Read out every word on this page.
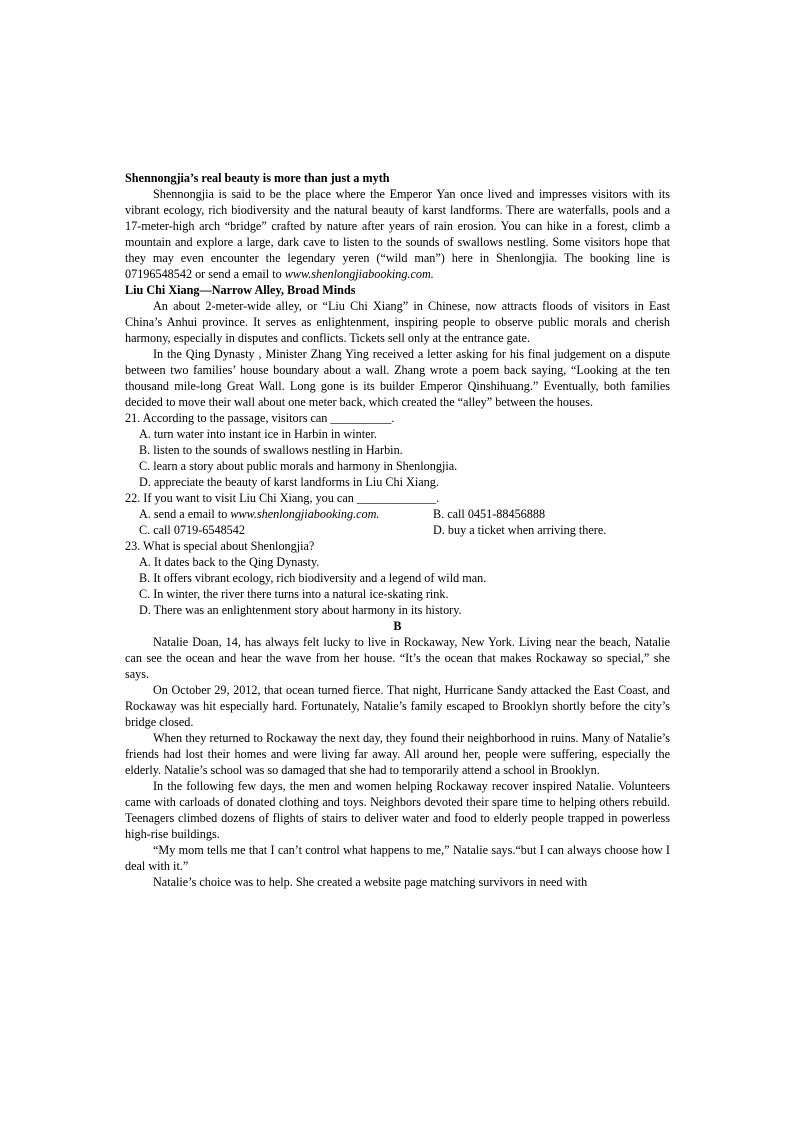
Shennongjia’s real beauty is more than just a myth

Shennongjia is said to be the place where the Emperor Yan once lived and impresses visitors with its vibrant ecology, rich biodiversity and the natural beauty of karst landforms. There are waterfalls, pools and a 17-meter-high arch “bridge” crafted by nature after years of rain erosion. You can hike in a forest, climb a mountain and explore a large, dark cave to listen to the sounds of swallows nestling. Some visitors hope that they may even encounter the legendary yeren (“wild man”) here in Shenlongjia. The booking line is 07196548542 or send a email to www.shenlongjiabooking.com.

Liu Chi Xiang—Narrow Alley, Broad Minds

An about 2-meter-wide alley, or “Liu Chi Xiang” in Chinese, now attracts floods of visitors in East China’s Anhui province. It serves as enlightenment, inspiring people to observe public morals and cherish harmony, especially in disputes and conflicts. Tickets sell only at the entrance gate.

In the Qing Dynasty , Minister Zhang Ying received a letter asking for his final judgement on a dispute between two families’ house boundary about a wall. Zhang wrote a poem back saying, “Looking at the ten thousand mile-long Great Wall. Long gone is its builder Emperor Qinshihuang.” Eventually, both families decided to move their wall about one meter back, which created the “alley” between the houses.

21. According to the passage, visitors can __________.
A. turn water into instant ice in Harbin in winter.
B. listen to the sounds of swallows nestling in Harbin.
C. learn a story about public morals and harmony in Shenlongjia.
D. appreciate the beauty of karst landforms in Liu Chi Xiang.
22. If you want to visit Liu Chi Xiang, you can _____________.
A. send a email to www.shenlongjiabooking.com.	B. call 0451-88456888
C. call 0719-6548542	D. buy a ticket when arriving there.
23. What is special about Shenlongjia?
A. It dates back to the Qing Dynasty.
B. It offers vibrant ecology, rich biodiversity and a legend of wild man.
C. In winter, the river there turns into a natural ice-skating rink.
D. There was an enlightenment story about harmony in its history.
B

Natalie Doan, 14, has always felt lucky to live in Rockaway, New York. Living near the beach, Natalie can see the ocean and hear the wave from her house. “It’s the ocean that makes Rockaway so special,” she says.

On October 29, 2012, that ocean turned fierce. That night, Hurricane Sandy attacked the East Coast, and Rockaway was hit especially hard. Fortunately, Natalie’s family escaped to Brooklyn shortly before the city’s bridge closed.

When they returned to Rockaway the next day, they found their neighborhood in ruins. Many of Natalie’s friends had lost their homes and were living far away. All around her, people were suffering, especially the elderly. Natalie’s school was so damaged that she had to temporarily attend a school in Brooklyn.

In the following few days, the men and women helping Rockaway recover inspired Natalie. Volunteers came with carloads of donated clothing and toys. Neighbors devoted their spare time to helping others rebuild. Teenagers climbed dozens of flights of stairs to deliver water and food to elderly people trapped in powerless high-rise buildings.

“My mom tells me that I can’t control what happens to me,” Natalie says.“but I can always choose how I deal with it.”

Natalie’s choice was to help. She created a website page matching survivors in need with
